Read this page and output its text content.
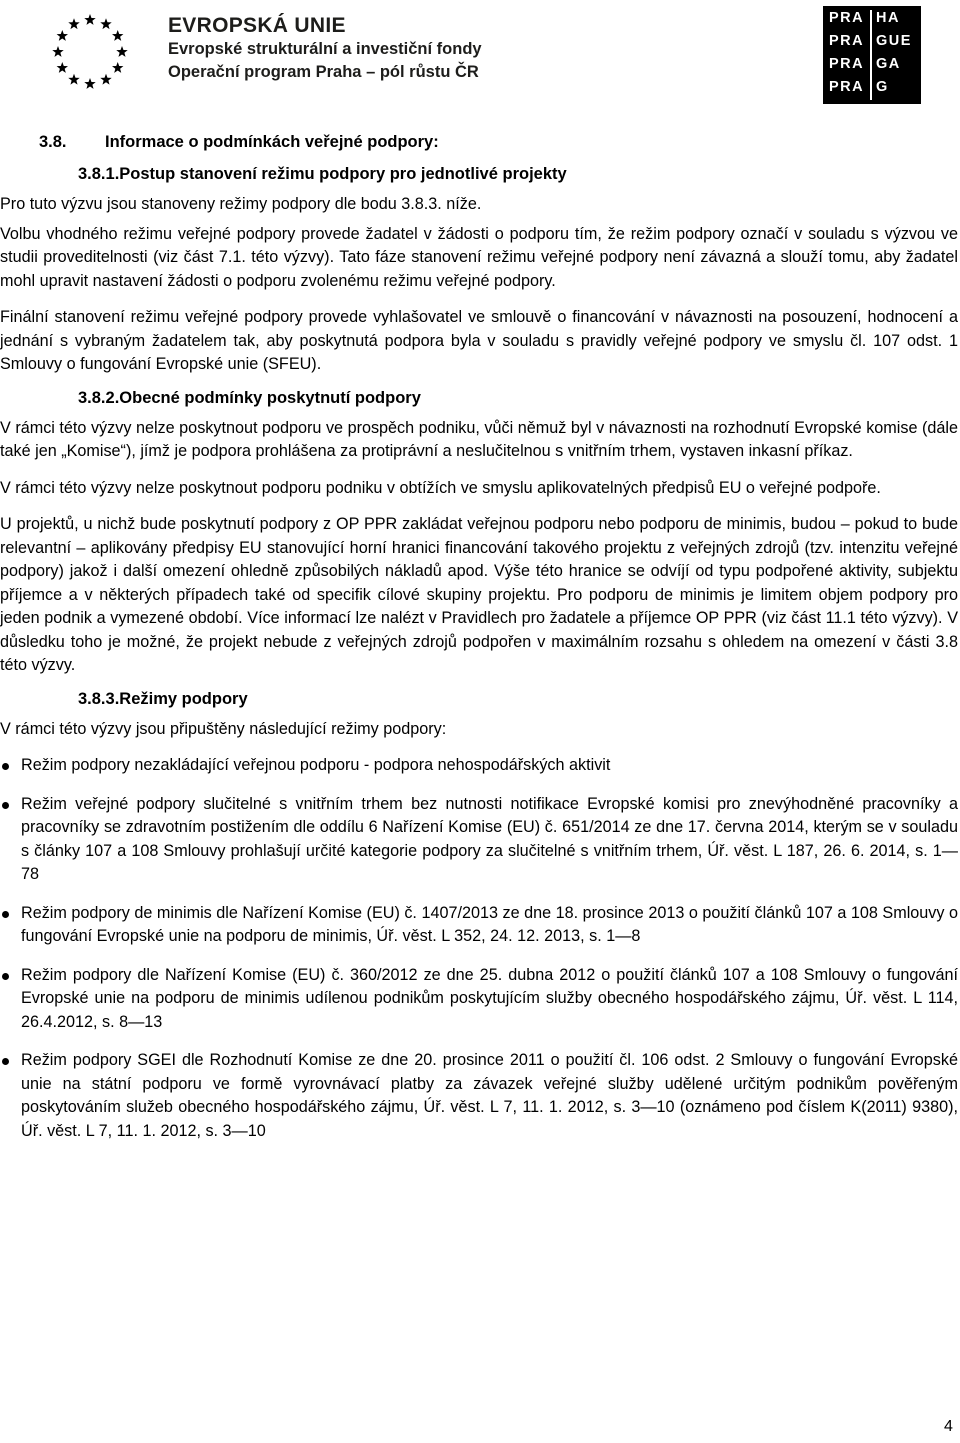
EVROPSKÁ UNIE
Evropské strukturální a investiční fondy
Operační program Praha – pól růstu ČR
PRA HA
PRA GUE
PRA GA
PRA G
3.8. Informace o podmínkách veřejné podpory:
3.8.1.Postup stanovení režimu podpory pro jednotlivé projekty

Pro tuto výzvu jsou stanoveny režimy podpory dle bodu 3.8.3. níže.

Volbu vhodného režimu veřejné podpory provede žadatel v žádosti o podporu tím, že režim podpory označí v souladu s výzvou ve studii proveditelnosti (viz část 7.1. této výzvy). Tato fáze stanovení režimu veřejné podpory není závazná a slouží tomu, aby žadatel mohl upravit nastavení žádosti o podporu zvolenému režimu veřejné podpory.

Finální stanovení režimu veřejné podpory provede vyhlašovatel ve smlouvě o financování v návaznosti na posouzení, hodnocení a jednání s vybraným žadatelem tak, aby poskytnutá podpora byla v souladu s pravidly veřejné podpory ve smyslu čl. 107 odst. 1 Smlouvy o fungování Evropské unie (SFEU).

3.8.2.Obecné podmínky poskytnutí podpory

V rámci této výzvy nelze poskytnout podporu ve prospěch podniku, vůči němuž byl v návaznosti na rozhodnutí Evropské komise (dále také jen „Komise“), jímž je podpora prohlášena za protiprávní a neslučitelnou s vnitřním trhem, vystaven inkasní příkaz.

V rámci této výzvy nelze poskytnout podporu podniku v obtížích ve smyslu aplikovatelných předpisů EU o veřejné podpoře.

U projektů, u nichž bude poskytnutí podpory z OP PPR zakládat veřejnou podporu nebo podporu de minimis, budou – pokud to bude relevantní – aplikovány předpisy EU stanovující horní hranici financování takového projektu z veřejných zdrojů (tzv. intenzitu veřejné podpory) jakož i další omezení ohledně způsobilých nákladů apod. Výše této hranice se odvíjí od typu podpořené aktivity, subjektu příjemce a v některých případech také od specifik cílové skupiny projektu. Pro podporu de minimis je limitem objem podpory pro jeden podnik a vymezené období. Více informací lze nalézt v Pravidlech pro žadatele a příjemce OP PPR (viz část 11.1 této výzvy). V důsledku toho je možné, že projekt nebude z veřejných zdrojů podpořen v maximálním rozsahu s ohledem na omezení v části 3.8 této výzvy.

3.8.3.Režimy podpory

V rámci této výzvy jsou připuštěny následující režimy podpory:

Režim podpory nezakládající veřejnou podporu - podpora nehospodářských aktivit
Režim veřejné podpory slučitelné s vnitřním trhem bez nutnosti notifikace Evropské komisi pro znevýhodněné pracovníky a pracovníky se zdravotním postižením dle oddílu 6 Nařízení Komise (EU) č. 651/2014 ze dne 17. června 2014, kterým se v souladu s články 107 a 108 Smlouvy prohlašují určité kategorie podpory za slučitelné s vnitřním trhem, Úř. věst. L 187, 26. 6. 2014, s. 1—78
Režim podpory de minimis dle Nařízení Komise (EU) č. 1407/2013 ze dne 18. prosince 2013 o použití článků 107 a 108 Smlouvy o fungování Evropské unie na podporu de minimis, Úř. věst. L 352, 24. 12. 2013, s. 1—8
Režim podpory dle Nařízení Komise (EU) č. 360/2012 ze dne 25. dubna 2012 o použití článků 107 a 108 Smlouvy o fungování Evropské unie na podporu de minimis udílenou podnikům poskytujícím služby obecného hospodářského zájmu, Úř. věst. L 114, 26.4.2012, s. 8—13
Režim podpory SGEI dle Rozhodnutí Komise ze dne 20. prosince 2011 o použití čl. 106 odst. 2 Smlouvy o fungování Evropské unie na státní podporu ve formě vyrovnávací platby za závazek veřejné služby udělené určitým podnikům pověřeným poskytováním služeb obecného hospodářského zájmu, Úř. věst. L 7, 11. 1. 2012, s. 3—10 (oznámeno pod číslem K(2011) 9380), Úř. věst. L 7, 11. 1. 2012, s. 3—10
4
